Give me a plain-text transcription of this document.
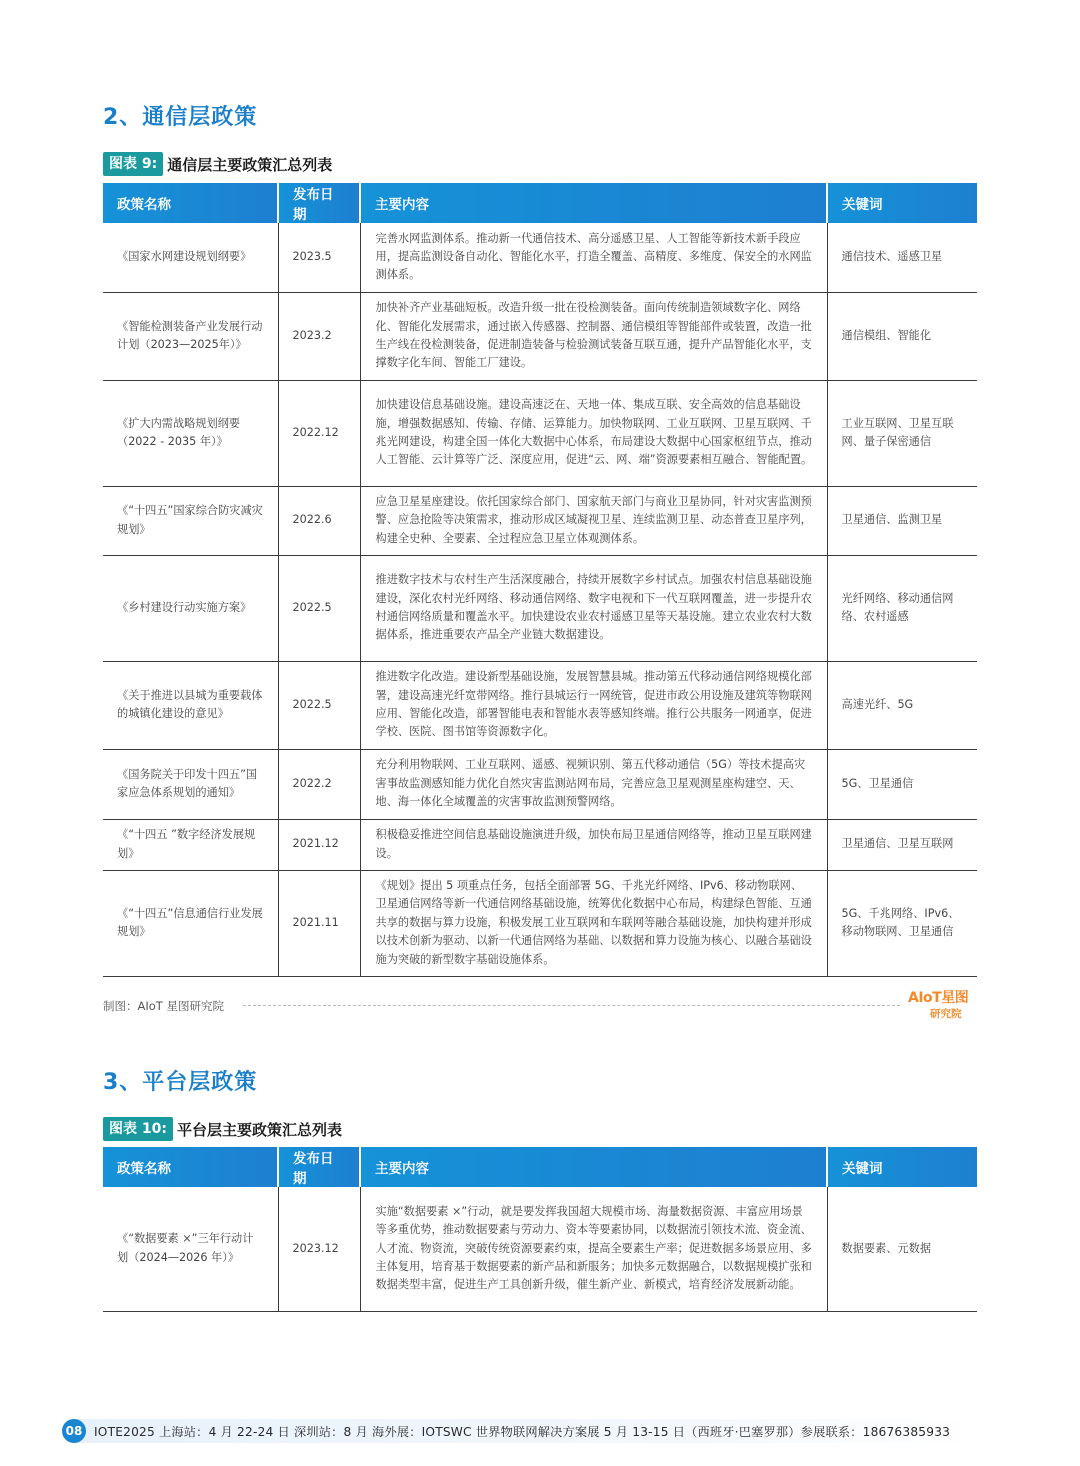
2、通信层政策
图表 9: 通信层主要政策汇总列表
政策名称	发布日期	主要内容	关键词
《国家水网建设规划纲要》	2023.5	完善水网监测体系。推动新一代通信技术、高分遥感卫星、人工智能等新技术新手段应用，提高监测设备自动化、智能化水平，打造全覆盖、高精度、多维度、保安全的水网监测体系。	通信技术、遥感卫星
《智能检测装备产业发展行动计划（2023—2025年）》	2023.2	加快补齐产业基础短板。改造升级一批在役检测装备。面向传统制造领域数字化、网络化、智能化发展需求，通过嵌入传感器、控制器、通信模组等智能部件或装置，改造一批生产线在役检测装备，促进制造装备与检验测试装备互联互通，提升产品智能化水平，支撑数字化车间、智能工厂建设。	通信模组、智能化
《扩大内需战略规划纲要（2022 - 2035 年）》	2022.12	加快建设信息基础设施。建设高速泛在、天地一体、集成互联、安全高效的信息基础设施，增强数据感知、传输、存储、运算能力。加快物联网、工业互联网、卫星互联网、千兆光网建设，构建全国一体化大数据中心体系，布局建设大数据中心国家枢纽节点，推动人工智能、云计算等广泛、深度应用，促进“云、网、端”资源要素相互融合、智能配置。	工业互联网、卫星互联网、量子保密通信
《“十四五”国家综合防灾减灾规划》	2022.6	应急卫星星座建设。依托国家综合部门、国家航天部门与商业卫星协同，针对灾害监测预警、应急抢险等决策需求，推动形成区域凝视卫星、连续监测卫星、动态普查卫星序列，构建全史种、全要素、全过程应急卫星立体观测体系。	卫星通信、监测卫星
《乡村建设行动实施方案》	2022.5	推进数字技术与农村生产生活深度融合，持续开展数字乡村试点。加强农村信息基础设施建设，深化农村光纤网络、移动通信网络、数字电视和下一代互联网覆盖，进一步提升农村通信网络质量和覆盖水平。加快建设农业农村遥感卫星等天基设施。建立农业农村大数据体系，推进重要农产品全产业链大数据建设。	光纤网络、移动通信网络、农村遥感
《关于推进以县城为重要载体的城镇化建设的意见》	2022.5	推进数字化改造。建设新型基础设施，发展智慧县城。推动第五代移动通信网络规模化部署，建设高速光纤宽带网络。推行县城运行一网统管，促进市政公用设施及建筑等物联网应用、智能化改造，部署智能电表和智能水表等感知终端。推行公共服务一网通享，促进学校、医院、图书馆等资源数字化。	高速光纤、5G
《国务院关于印发十四五”国家应急体系规划的通知》	2022.2	充分利用物联网、工业互联网、遥感、视频识别、第五代移动通信（5G）等技术提高灾害事故监测感知能力优化自然灾害监测站网布局，完善应急卫星观测星座构建空、天、地、海一体化全域覆盖的灾害事故监测预警网络。	5G、卫星通信
《“十四五 ”数字经济发展规划》	2021.12	积极稳妥推进空间信息基础设施演进升级，加快布局卫星通信网络等，推动卫星互联网建设。	卫星通信、卫星互联网
《“十四五”信息通信行业发展规划》	2021.11	《规划》提出 5 项重点任务，包括全面部署 5G、千兆光纤网络、IPv6、移动物联网、卫星通信网络等新一代通信网络基础设施，统筹优化数据中心布局，构建绿色智能、互通共享的数据与算力设施，积极发展工业互联网和车联网等融合基础设施，加快构建并形成以技术创新为驱动、以新一代通信网络为基础、以数据和算力设施为核心、以融合基础设施为突破的新型数字基础设施体系。	5G、千兆网络、IPv6、移动物联网、卫星通信
制图：AIoT 星图研究院	AIoT星图
研究院
3、平台层政策
图表 10: 平台层主要政策汇总列表
政策名称	发布日期	主要内容	关键词
《“数据要素 ×”三年行动计划（2024—2026 年）》	2023.12	实施“数据要素 ×”行动，就是要发挥我国超大规模市场、海量数据资源、丰富应用场景等多重优势，推动数据要素与劳动力、资本等要素协同，以数据流引领技术流、资金流、人才流、物资流，突破传统资源要素约束，提高全要素生产率；促进数据多场景应用、多主体复用，培育基于数据要素的新产品和新服务；加快多元数据融合，以数据规模扩张和数据类型丰富，促进生产工具创新升级，催生新产业、新模式，培育经济发展新动能。	数据要素、元数据
08 IOTE2025 上海站：4 月 22-24 日 深圳站：8 月 海外展：IOTSWC 世界物联网解决方案展 5 月 13-15 日（西班牙·巴塞罗那）参展联系：18676385933
